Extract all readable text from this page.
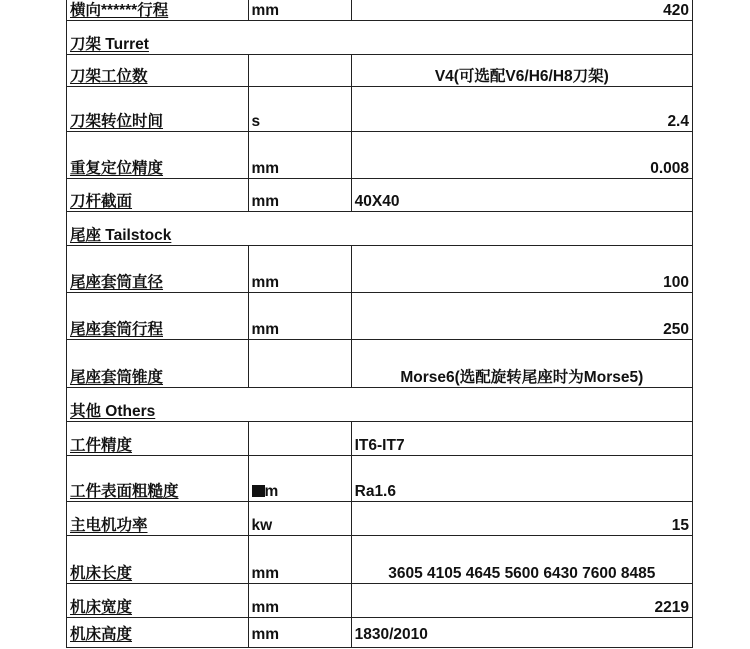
横向******行程	mm	420
刀架 Turret		
刀架工位数		V4(可选配V6/H6/H8刀架)
刀架转位时间	s	2.4
重复定位精度	mm	0.008
刀杆截面	mm	40X40
尾座 Tailstock		
尾座套筒直径	mm	100
尾座套筒行程	mm	250
尾座套筒锥度		Morse6(选配旋转尾座时为Morse5)
其他 Others		
工件精度		IT6-IT7
工件表面粗糙度	m	Ra1.6
主电机功率	kw	15
机床长度	mm	3605 4105 4645 5600 6430 7600 8485
机床宽度	mm	2219
机床高度	mm	1830/2010
